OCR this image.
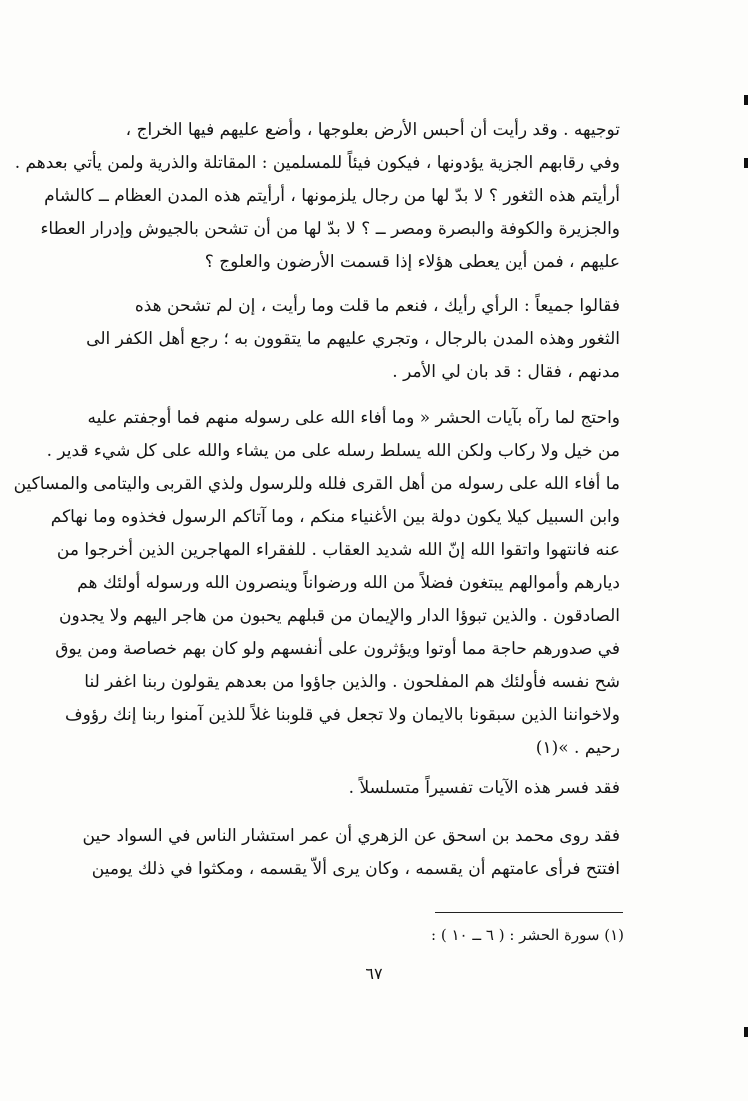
توجيهه . وقد رأيت أن أحبس الأرض بعلوجها ، وأضع عليهم فيها الخراج ،
وفي رقابهم الجزية يؤدونها ، فيكون فيئاً للمسلمين : المقاتلة والذرية ولمن يأتي بعدهم .
أرأيتم هذه الثغور ؟ لا بدّ لها من رجال يلزمونها ، أرأيتم هذه المدن العظام ــ كالشام
والجزيرة والكوفة والبصرة ومصر ــ ؟ لا بدّ لها من أن تشحن بالجيوش وإدرار العطاء
عليهم ، فمن أين يعطى هؤلاء إذا قسمت الأرضون والعلوج ؟
فقالوا جميعاً : الرأي رأيك ، فنعم ما قلت وما رأيت ، إن لم تشحن هذه
الثغور وهذه المدن بالرجال ، وتجري عليهم ما يتقوون به ؛ رجع أهل الكفر الى
مدنهم ، فقال : قد بان لي الأمر .
واحتج لما رآه بآيات الحشر « وما أفاء الله على رسوله منهم فما أوجفتم عليه
من خيل ولا ركاب ولكن الله يسلط رسله على من يشاء والله على كل شيء قدير .
ما أفاء الله على رسوله من أهل القرى فلله وللرسول ولذي القربى واليتامى والمساكين
وابن السبيل كيلا يكون دولة بين الأغنياء منكم ، وما آتاكم الرسول فخذوه وما نهاكم
عنه فانتهوا واتقوا الله إنّ الله شديد العقاب . للفقراء المهاجرين الذين أخرجوا من
ديارهم وأموالهم يبتغون فضلاً من الله ورضواناً وينصرون الله ورسوله أولئك هم
الصادقون . والذين تبوؤا الدار والإيمان من قبلهم يحبون من هاجر اليهم ولا يجدون
في صدورهم حاجة مما أوتوا ويؤثرون على أنفسهم ولو كان بهم خصاصة ومن يوق
شح نفسه فأولئك هم المفلحون . والذين جاؤوا من بعدهم يقولون ربنا اغفر لنا
ولاخواننا الذين سبقونا بالايمان ولا تجعل في قلوبنا غلاً للذين آمنوا ربنا إنك رؤوف
رحيم . »(١)
فقد فسر هذه الآيات تفسيراً متسلسلاً .
فقد روى محمد بن اسحق عن الزهري أن عمر استشار الناس في السواد حين
افتتح فرأى عامتهم أن يقسمه ، وكان يرى ألاّ يقسمه ، ومكثوا في ذلك يومين
(١) سورة الحشر : ( ٦ ــ ١٠ ) :
٦٧
